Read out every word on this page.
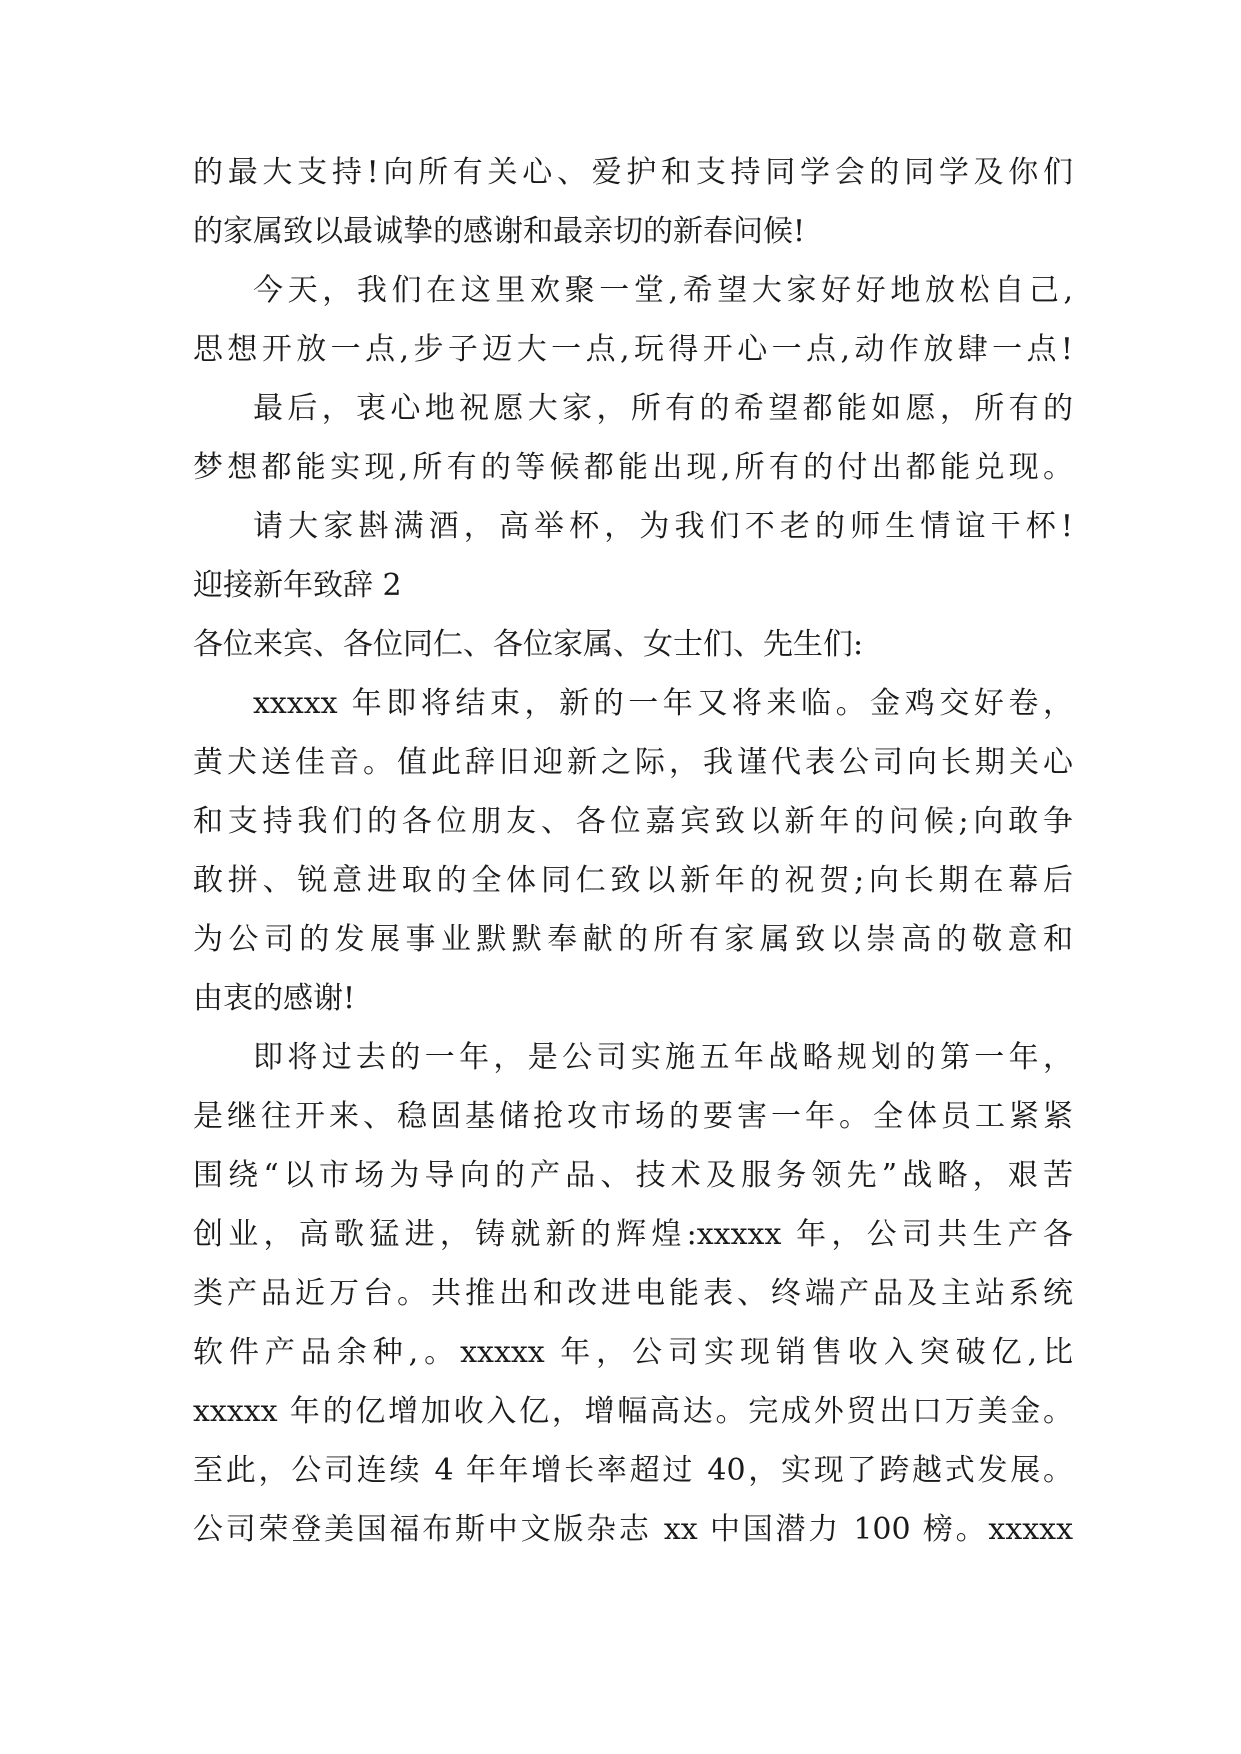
的最大支持!向所有关心、爱护和支持同学会的同学及你们
的家属致以最诚挚的感谢和最亲切的新春问候!
今天，我们在这里欢聚一堂,希望大家好好地放松自己,
思想开放一点,步子迈大一点,玩得开心一点,动作放肆一点!
最后，衷心地祝愿大家，所有的希望都能如愿，所有的
梦想都能实现,所有的等候都能出现,所有的付出都能兑现。
请大家斟满酒，高举杯，为我们不老的师生情谊干杯!
迎接新年致辞 2
各位来宾、各位同仁、各位家属、女士们、先生们:
xxxxx 年即将结束，新的一年又将来临。金鸡交好卷，
黄犬送佳音。值此辞旧迎新之际，我谨代表公司向长期关心
和支持我们的各位朋友、各位嘉宾致以新年的问候;向敢争
敢拼、锐意进取的全体同仁致以新年的祝贺;向长期在幕后
为公司的发展事业默默奉献的所有家属致以崇高的敬意和
由衷的感谢!
即将过去的一年，是公司实施五年战略规划的第一年，
是继往开来、稳固基储抢攻市场的要害一年。全体员工紧紧
围绕“以市场为导向的产品、技术及服务领先”战略，艰苦
创业，高歌猛进，铸就新的辉煌:xxxxx 年，公司共生产各
类产品近万台。共推出和改进电能表、终端产品及主站系统
软件产品余种,。xxxxx 年，公司实现销售收入突破亿,比
xxxxx 年的亿增加收入亿，增幅高达。完成外贸出口万美金。
至此，公司连续 4 年年增长率超过 40，实现了跨越式发展。
公司荣登美国福布斯中文版杂志 xx 中国潜力 100 榜。xxxxx
